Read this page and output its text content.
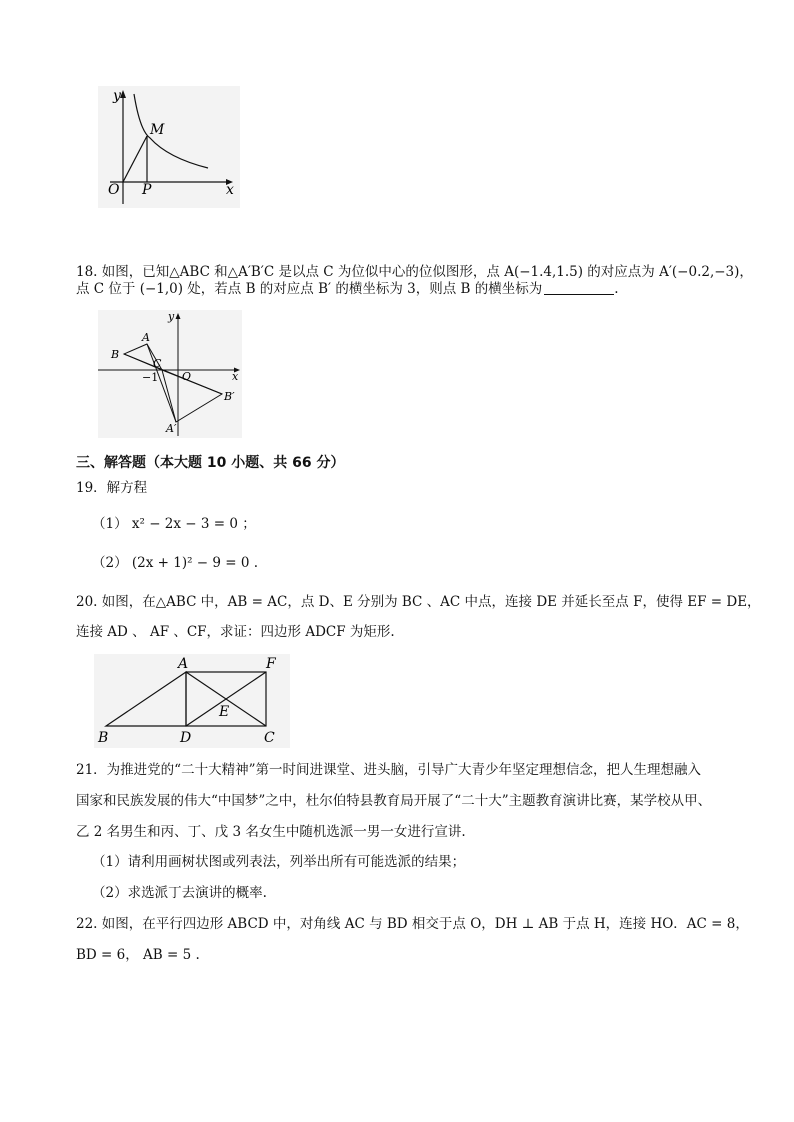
y
x
O P
M
18. 如图，已知△ABC 和△A′B′C 是以点 C 为位似中心的位似图形，点 A(−1.4,1.5) 的对应点为 A′(−0.2,−3)，
点 C 位于 (−1,0) 处，若点 B 的对应点 B′ 的横坐标为 3，则点 B 的横坐标为	.
y
x
A
B
C
O
−1
A′
B′
三、解答题（本大题 10 小题、共 66 分）
19．解方程
（1） x² − 2x − 3 = 0 ；
（2） (2x + 1)² − 9 = 0 .
20. 如图，在△ABC 中，AB = AC，点 D、E 分别为 BC 、AC 中点，连接 DE 并延长至点 F，使得 EF = DE，
连接 AD 、 AF 、CF，求证：四边形 ADCF 为矩形.
A	F
E
B	D	C
21．为推进党的“二十大精神”第一时间进课堂、进头脑，引导广大青少年坚定理想信念，把人生理想融入
国家和民族发展的伟大“中国梦”之中，杜尔伯特县教育局开展了“二十大”主题教育演讲比赛，某学校从甲、
乙 2 名男生和丙、丁、戊 3 名女生中随机选派一男一女进行宣讲.
（1）请利用画树状图或列表法，列举出所有可能选派的结果；
（2）求选派丁去演讲的概率.
22. 如图，在平行四边形 ABCD 中，对角线 AC 与 BD 相交于点 O，DH ⊥ AB 于点 H，连接 HO．AC = 8，
BD = 6， AB = 5 .
